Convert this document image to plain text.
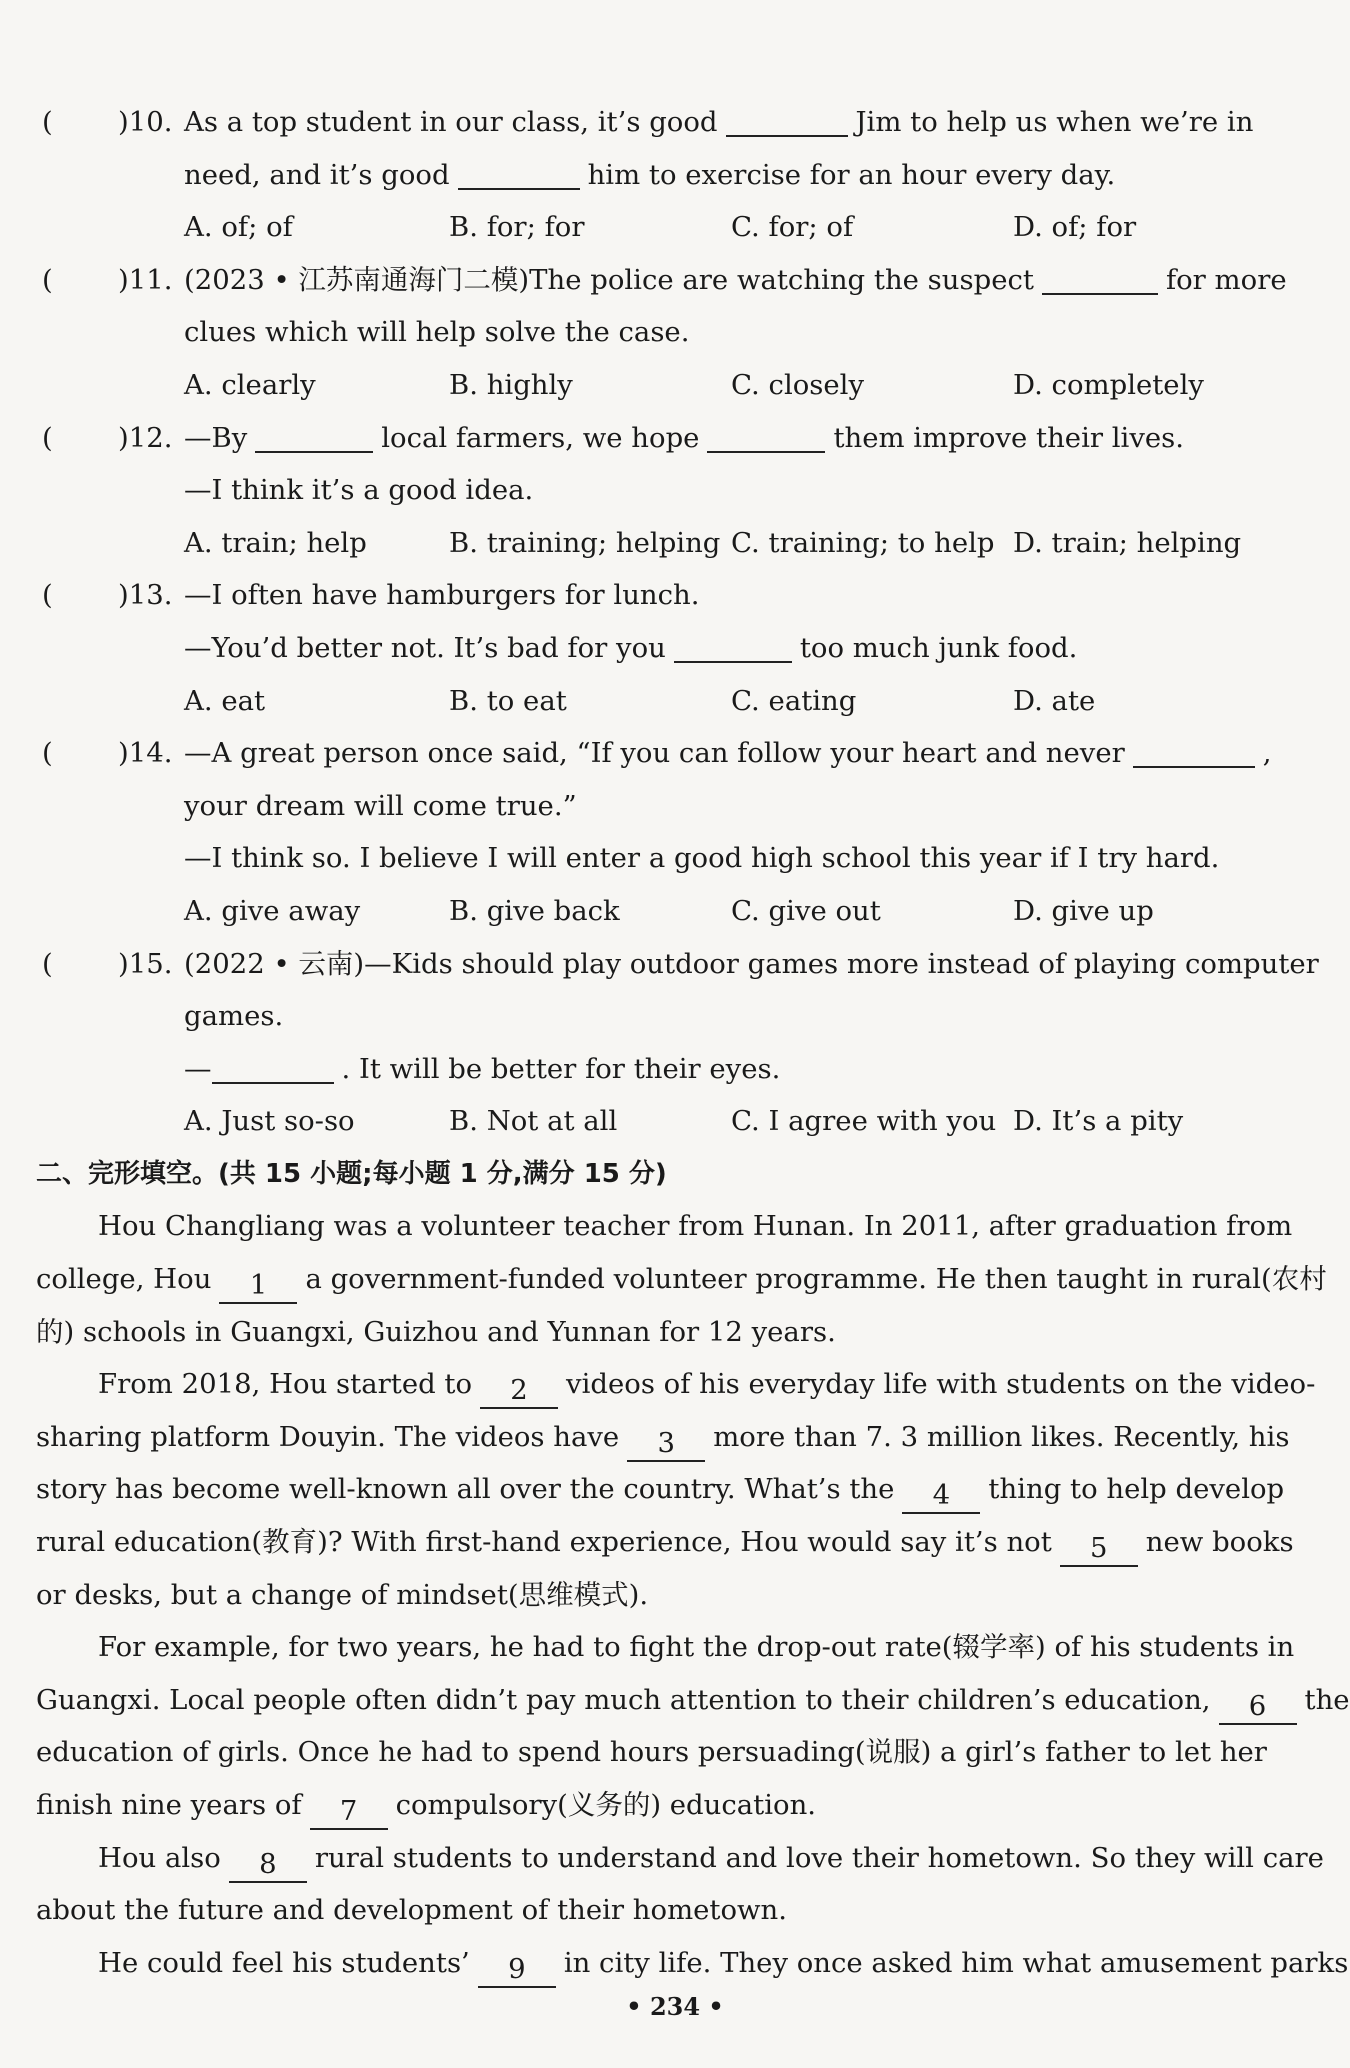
( )10. As a top student in our class, it’s good	Jim to help us when we’re in
need, and it’s good	him to exercise for an hour every day.
A. of; of	B. for; for	C. for; of	D. of; for
( )11. (2023 • 江苏南通海门二模)The police are watching the suspect	for more
clues which will help solve the case.
A. clearly	B. highly	C. closely	D. completely
( )12. —By	local farmers, we hope	them improve their lives.
—I think it’s a good idea.
A. train; help	B. training; helping C. training; to help D. train; helping
( )13. —I often have hamburgers for lunch.
—You’d better not. It’s bad for you	too much junk food.
A. eat	B. to eat	C. eating	D. ate
( )14. —A great person once said, “If you can follow your heart and never	,
your dream will come true.”
—I think so. I believe I will enter a good high school this year if I try hard.
A. give away	B. give back	C. give out	D. give up
( )15. (2022 • 云南)—Kids should play outdoor games more instead of playing computer
games.
—	. It will be better for their eyes.
A. Just so-so	B. Not at all	C. I agree with you D. It’s a pity
二、完形填空。(共 15 小题;每小题 1 分,满分 15 分)
Hou Changliang was a volunteer teacher from Hunan. In 2011, after graduation from
college, Hou 1 a government-funded volunteer programme. He then taught in rural(农村
的) schools in Guangxi, Guizhou and Yunnan for 12 years.
From 2018, Hou started to 2 videos of his everyday life with students on the video-
sharing platform Douyin. The videos have 3 more than 7. 3 million likes. Recently, his
story has become well-known all over the country. What’s the 4 thing to help develop
rural education(教育)? With first-hand experience, Hou would say it’s not 5 new books
or desks, but a change of mindset(思维模式).
For example, for two years, he had to fight the drop-out rate(辍学率) of his students in
Guangxi. Local people often didn’t pay much attention to their children’s education, 6 the
education of girls. Once he had to spend hours persuading(说服) a girl’s father to let her
finish nine years of 7 compulsory(义务的) education.
Hou also 8 rural students to understand and love their hometown. So they will care
about the future and development of their hometown.
He could feel his students’ 9 in city life. They once asked him what amusement parks
• 234 •
